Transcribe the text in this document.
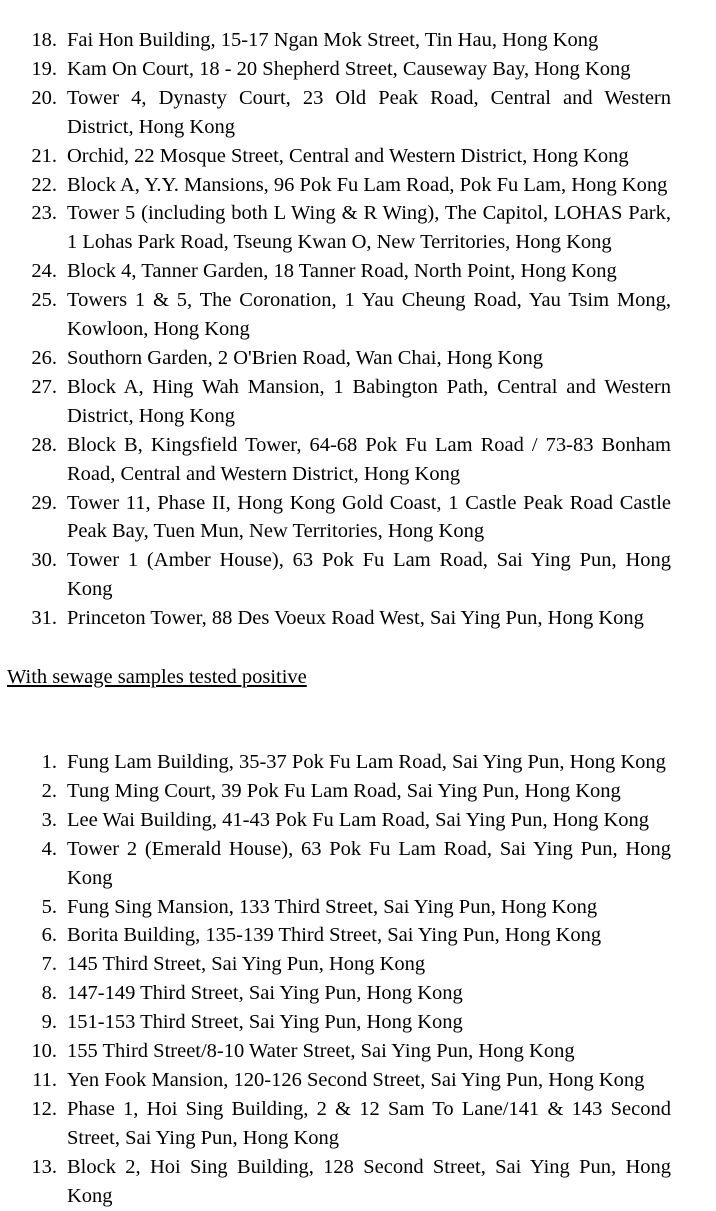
18. Fai Hon Building, 15-17 Ngan Mok Street, Tin Hau, Hong Kong
19. Kam On Court, 18 - 20 Shepherd Street, Causeway Bay, Hong Kong
20. Tower 4, Dynasty Court, 23 Old Peak Road, Central and Western District, Hong Kong
21. Orchid, 22 Mosque Street, Central and Western District, Hong Kong
22. Block A, Y.Y. Mansions, 96 Pok Fu Lam Road, Pok Fu Lam, Hong Kong
23. Tower 5 (including both L Wing & R Wing), The Capitol, LOHAS Park, 1 Lohas Park Road, Tseung Kwan O, New Territories, Hong Kong
24. Block 4, Tanner Garden, 18 Tanner Road, North Point, Hong Kong
25. Towers 1 & 5, The Coronation, 1 Yau Cheung Road, Yau Tsim Mong, Kowloon, Hong Kong
26. Southorn Garden, 2 O'Brien Road, Wan Chai, Hong Kong
27. Block A, Hing Wah Mansion, 1 Babington Path, Central and Western District, Hong Kong
28. Block B, Kingsfield Tower, 64-68 Pok Fu Lam Road / 73-83 Bonham Road, Central and Western District, Hong Kong
29. Tower 11, Phase II, Hong Kong Gold Coast, 1 Castle Peak Road Castle Peak Bay, Tuen Mun, New Territories, Hong Kong
30. Tower 1 (Amber House), 63 Pok Fu Lam Road, Sai Ying Pun, Hong Kong
31. Princeton Tower, 88 Des Voeux Road West, Sai Ying Pun, Hong Kong
With sewage samples tested positive
1. Fung Lam Building, 35-37 Pok Fu Lam Road, Sai Ying Pun, Hong Kong
2. Tung Ming Court, 39 Pok Fu Lam Road, Sai Ying Pun, Hong Kong
3. Lee Wai Building, 41-43 Pok Fu Lam Road, Sai Ying Pun, Hong Kong
4. Tower 2 (Emerald House), 63 Pok Fu Lam Road, Sai Ying Pun, Hong Kong
5. Fung Sing Mansion, 133 Third Street, Sai Ying Pun, Hong Kong
6. Borita Building, 135-139 Third Street, Sai Ying Pun, Hong Kong
7. 145 Third Street, Sai Ying Pun, Hong Kong
8. 147-149 Third Street, Sai Ying Pun, Hong Kong
9. 151-153 Third Street, Sai Ying Pun, Hong Kong
10. 155 Third Street/8-10 Water Street, Sai Ying Pun, Hong Kong
11. Yen Fook Mansion, 120-126 Second Street, Sai Ying Pun, Hong Kong
12. Phase 1, Hoi Sing Building, 2 & 12 Sam To Lane/141 & 143 Second Street, Sai Ying Pun, Hong Kong
13. Block 2, Hoi Sing Building, 128 Second Street, Sai Ying Pun, Hong Kong
